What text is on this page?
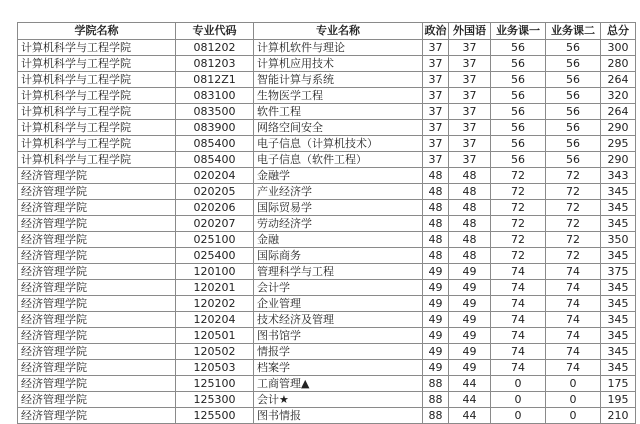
学院名称	专业代码	专业名称	政治	外国语	业务课一	业务课二	总分
计算机科学与工程学院	081202	计算机软件与理论	37	37	56	56	300
计算机科学与工程学院	081203	计算机应用技术	37	37	56	56	280
计算机科学与工程学院	0812Z1	智能计算与系统	37	37	56	56	264
计算机科学与工程学院	083100	生物医学工程	37	37	56	56	320
计算机科学与工程学院	083500	软件工程	37	37	56	56	264
计算机科学与工程学院	083900	网络空间安全	37	37	56	56	290
计算机科学与工程学院	085400	电子信息（计算机技术）	37	37	56	56	295
计算机科学与工程学院	085400	电子信息（软件工程）	37	37	56	56	290
经济管理学院	020204	金融学	48	48	72	72	343
经济管理学院	020205	产业经济学	48	48	72	72	345
经济管理学院	020206	国际贸易学	48	48	72	72	345
经济管理学院	020207	劳动经济学	48	48	72	72	345
经济管理学院	025100	金融	48	48	72	72	350
经济管理学院	025400	国际商务	48	48	72	72	345
经济管理学院	120100	管理科学与工程	49	49	74	74	375
经济管理学院	120201	会计学	49	49	74	74	345
经济管理学院	120202	企业管理	49	49	74	74	345
经济管理学院	120204	技术经济及管理	49	49	74	74	345
经济管理学院	120501	图书馆学	49	49	74	74	345
经济管理学院	120502	情报学	49	49	74	74	345
经济管理学院	120503	档案学	49	49	74	74	345
经济管理学院	125100	工商管理▲	88	44	0	0	175
经济管理学院	125300	会计★	88	44	0	0	195
经济管理学院	125500	图书情报	88	44	0	0	210
